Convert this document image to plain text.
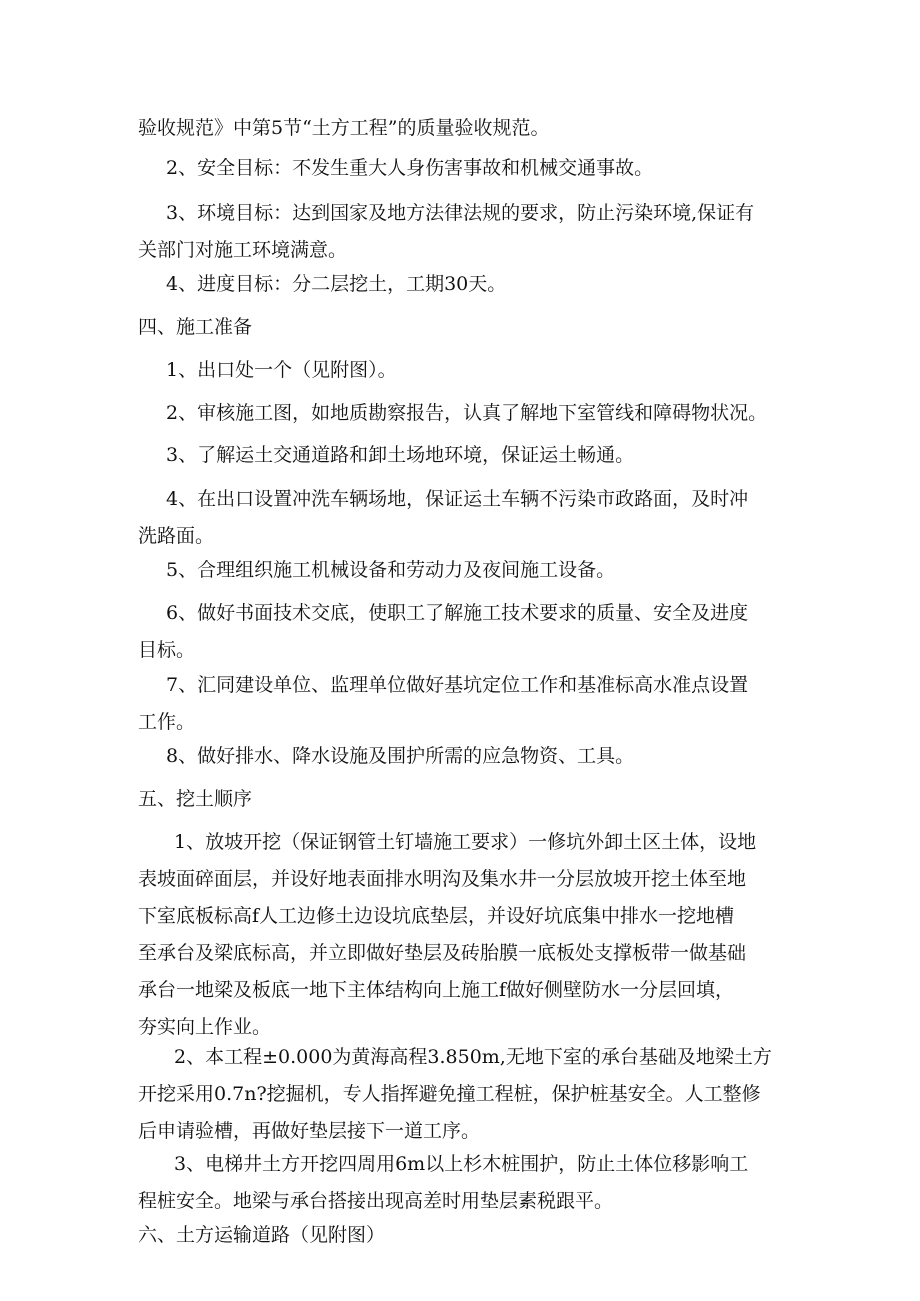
验收规范》中第5节“土方工程”的质量验收规范。

2、安全目标：不发生重大人身伤害事故和机械交通事故。

3、环境目标：达到国家及地方法律法规的要求，防止污染环境,保证有
关部门对施工环境满意。

4、进度目标：分二层挖土，工期30天。

四、施工准备

1、出口处一个（见附图）。

2、审核施工图，如地质勘察报告，认真了解地下室管线和障碍物状况。

3、了解运土交通道路和卸土场地环境，保证运土畅通。

4、在出口设置冲洗车辆场地，保证运土车辆不污染市政路面，及时冲
洗路面。

5、合理组织施工机械设备和劳动力及夜间施工设备。

6、做好书面技术交底，使职工了解施工技术要求的质量、安全及进度
目标。

7、汇同建设单位、监理单位做好基坑定位工作和基准标高水准点设置
工作。

8、做好排水、降水设施及围护所需的应急物资、工具。

五、挖土顺序

1、放坡开挖（保证钢管土钉墙施工要求）一修坑外卸土区土体，设地
表坡面碎面层，并设好地表面排水明沟及集水井一分层放坡开挖土体至地
下室底板标高f人工边修土边设坑底垫层，并设好坑底集中排水一挖地槽
至承台及梁底标高，并立即做好垫层及砖胎膜一底板处支撑板带一做基础
承台一地梁及板底一地下主体结构向上施工f做好侧壁防水一分层回填，
夯实向上作业。

2、本工程±0.000为黄海高程3.850m,无地下室的承台基础及地梁土方
开挖采用0.7n?挖掘机，专人指挥避免撞工程桩，保护桩基安全。人工整修
后申请验槽，再做好垫层接下一道工序。

3、电梯井土方开挖四周用6m以上杉木桩围护，防止土体位移影响工
程桩安全。地梁与承台搭接出现高差时用垫层素税跟平。

六、土方运输道路（见附图）
